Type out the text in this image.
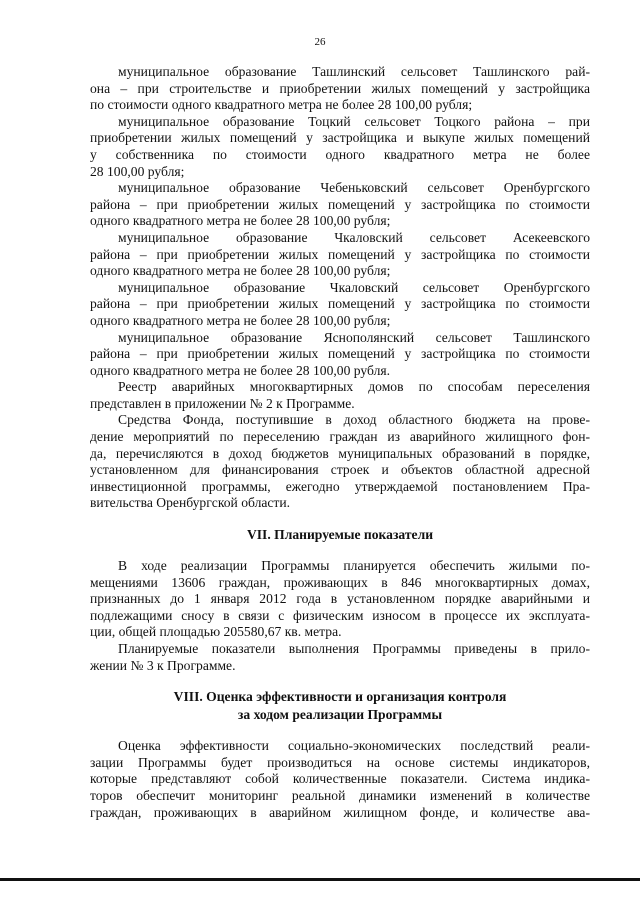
26
муниципальное образование Ташлинский сельсовет Ташлинского рай-
она – при строительстве и приобретении жилых помещений у застройщика
по стоимости одного квадратного метра не более 28 100,00 рубля;
муниципальное образование Тоцкий сельсовет Тоцкого района – при
приобретении жилых помещений у застройщика и выкупе жилых помещений
у собственника по стоимости одного квадратного метра не более
28 100,00 рубля;
муниципальное образование Чебеньковский сельсовет Оренбургского
района – при приобретении жилых помещений у застройщика по стоимости
одного квадратного метра не более 28 100,00 рубля;
муниципальное образование Чкаловский сельсовет Асекеевского
района – при приобретении жилых помещений у застройщика по стоимости
одного квадратного метра не более 28 100,00 рубля;
муниципальное образование Чкаловский сельсовет Оренбургского
района – при приобретении жилых помещений у застройщика по стоимости
одного квадратного метра не более 28 100,00 рубля;
муниципальное образование Яснополянский сельсовет Ташлинского
района – при приобретении жилых помещений у застройщика по стоимости
одного квадратного метра не более 28 100,00 рубля.
Реестр аварийных многоквартирных домов по способам переселения
представлен в приложении № 2 к Программе.
Средства Фонда, поступившие в доход областного бюджета на прове-
дение мероприятий по переселению граждан из аварийного жилищного фон-
да, перечисляются в доход бюджетов муниципальных образований в порядке,
установленном для финансирования строек и объектов областной адресной
инвестиционной программы, ежегодно утверждаемой постановлением Пра-
вительства Оренбургской области.
VII. Планируемые показатели
В ходе реализации Программы планируется обеспечить жилыми по-
мещениями 13606 граждан, проживающих в 846 многоквартирных домах,
признанных до 1 января 2012 года в установленном порядке аварийными и
подлежащими сносу в связи с физическим износом в процессе их эксплуата-
ции, общей площадью 205580,67 кв. метра.
Планируемые показатели выполнения Программы приведены в прило-
жении № 3 к Программе.
VIII. Оценка эффективности и организация контроля
за ходом реализации Программы
Оценка эффективности социально-экономических последствий реали-
зации Программы будет производиться на основе системы индикаторов,
которые представляют собой количественные показатели. Система индика-
торов обеспечит мониторинг реальной динамики изменений в количестве
граждан, проживающих в аварийном жилищном фонде, и количестве ава-
